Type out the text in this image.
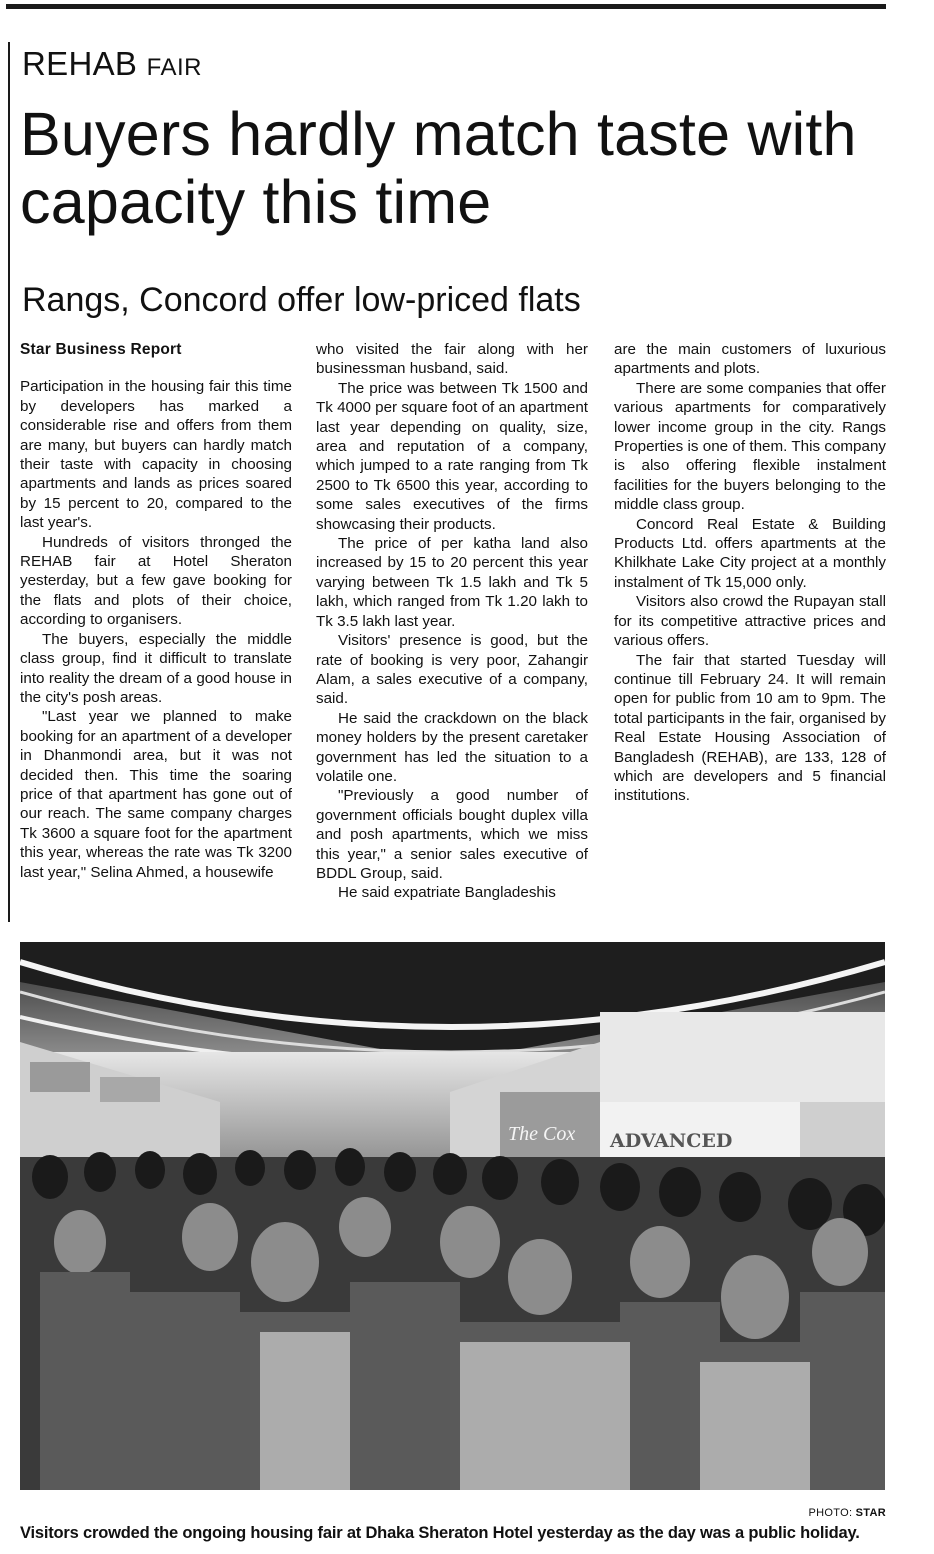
REHAB FAIR
Buyers hardly match taste with capacity this time
Rangs, Concord offer low-priced flats
Star Business Report

Participation in the housing fair this time by developers has marked a considerable rise and offers from them are many, but buyers can hardly match their taste with capacity in choosing apartments and lands as prices soared by 15 percent to 20, compared to the last year's.

Hundreds of visitors thronged the REHAB fair at Hotel Sheraton yesterday, but a few gave booking for the flats and plots of their choice, according to organisers.

The buyers, especially the middle class group, find it difficult to translate into reality the dream of a good house in the city's posh areas.

"Last year we planned to make booking for an apartment of a developer in Dhanmondi area, but it was not decided then. This time the soaring price of that apartment has gone out of our reach. The same company charges Tk 3600 a square foot for the apartment this year, whereas the rate was Tk 3200 last year," Selina Ahmed, a housewife

who visited the fair along with her businessman husband, said.

The price was between Tk 1500 and Tk 4000 per square foot of an apartment last year depending on quality, size, area and reputation of a company, which jumped to a rate ranging from Tk 2500 to Tk 6500 this year, according to some sales executives of the firms showcasing their products.

The price of per katha land also increased by 15 to 20 percent this year varying between Tk 1.5 lakh and Tk 5 lakh, which ranged from Tk 1.20 lakh to Tk 3.5 lakh last year.

Visitors' presence is good, but the rate of booking is very poor, Zahangir Alam, a sales executive of a company, said.

He said the crackdown on the black money holders by the present caretaker government has led the situation to a volatile one.

"Previously a good number of government officials bought duplex villa and posh apartments, which we miss this year," a senior sales executive of BDDL Group, said.

He said expatriate Bangladeshis

are the main customers of luxurious apartments and plots.

There are some companies that offer various apartments for comparatively lower income group in the city. Rangs Properties is one of them. This company is also offering flexible instalment facilities for the buyers belonging to the middle class group.

Concord Real Estate & Building Products Ltd. offers apartments at the Khilkhate Lake City project at a monthly instalment of Tk 15,000 only.

Visitors also crowd the Rupayan stall for its competitive attractive prices and various offers.

The fair that started Tuesday will continue till February 24. It will remain open for public from 10 am to 9pm. The total participants in the fair, organised by Real Estate Housing Association of Bangladesh (REHAB), are 133, 128 of which are developers and 5 financial institutions.

The Cox ADVANCED
PHOTO: STAR

Visitors crowded the ongoing housing fair at Dhaka Sheraton Hotel yesterday as the day was a public holiday.
